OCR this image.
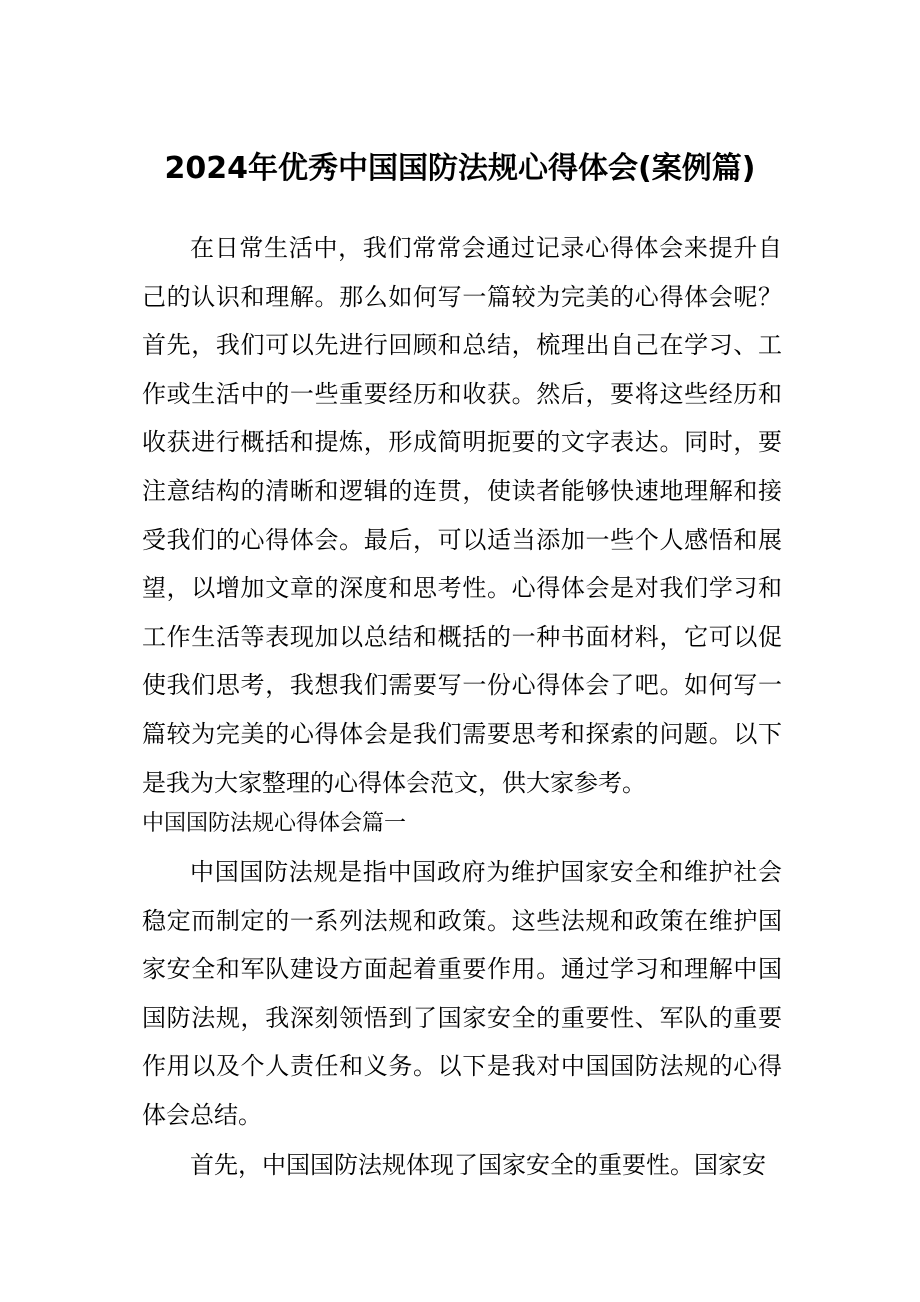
2024年优秀中国国防法规心得体会(案例篇)

在日常生活中，我们常常会通过记录心得体会来提升自己的认识和理解。那么如何写一篇较为完美的心得体会呢？首先，我们可以先进行回顾和总结，梳理出自己在学习、工作或生活中的一些重要经历和收获。然后，要将这些经历和收获进行概括和提炼，形成简明扼要的文字表达。同时，要注意结构的清晰和逻辑的连贯，使读者能够快速地理解和接受我们的心得体会。最后，可以适当添加一些个人感悟和展望，以增加文章的深度和思考性。心得体会是对我们学习和工作生活等表现加以总结和概括的一种书面材料，它可以促使我们思考，我想我们需要写一份心得体会了吧。如何写一篇较为完美的心得体会是我们需要思考和探索的问题。以下是我为大家整理的心得体会范文，供大家参考。

中国国防法规心得体会篇一

中国国防法规是指中国政府为维护国家安全和维护社会稳定而制定的一系列法规和政策。这些法规和政策在维护国家安全和军队建设方面起着重要作用。通过学习和理解中国国防法规，我深刻领悟到了国家安全的重要性、军队的重要作用以及个人责任和义务。以下是我对中国国防法规的心得体会总结。

首先，中国国防法规体现了国家安全的重要性。国家安
